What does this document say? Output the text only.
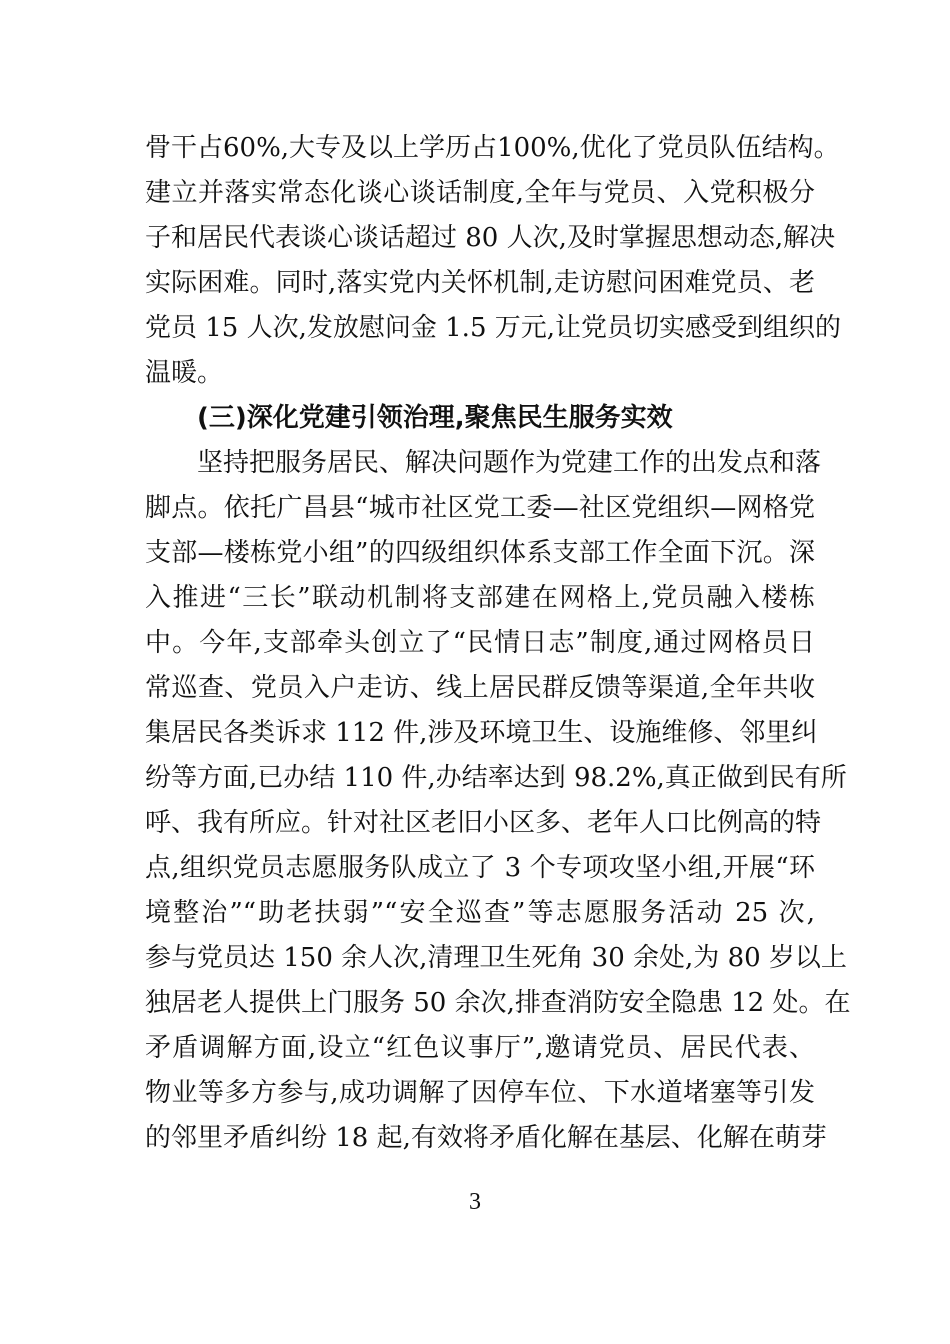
骨干占60%,大专及以上学历占100%,优化了党员队伍结构。
建立并落实常态化谈心谈话制度,全年与党员、入党积极分
子和居民代表谈心谈话超过 80 人次,及时掌握思想动态,解决
实际困难。同时,落实党内关怀机制,走访慰问困难党员、老
党员 15 人次,发放慰问金 1.5 万元,让党员切实感受到组织的
温暖。
(三)深化党建引领治理,聚焦民生服务实效
坚持把服务居民、解决问题作为党建工作的出发点和落
脚点。依托广昌县“城市社区党工委—社区党组织—网格党
支部—楼栋党小组”的四级组织体系支部工作全面下沉。深
入推进“三长”联动机制将支部建在网格上,党员融入楼栋
中。今年,支部牵头创立了“民情日志”制度,通过网格员日
常巡查、党员入户走访、线上居民群反馈等渠道,全年共收
集居民各类诉求 112 件,涉及环境卫生、设施维修、邻里纠
纷等方面,已办结 110 件,办结率达到 98.2%,真正做到民有所
呼、我有所应。针对社区老旧小区多、老年人口比例高的特
点,组织党员志愿服务队成立了 3 个专项攻坚小组,开展“环
境整治”“助老扶弱”“安全巡查”等志愿服务活动 25 次,
参与党员达 150 余人次,清理卫生死角 30 余处,为 80 岁以上
独居老人提供上门服务 50 余次,排查消防安全隐患 12 处。在
矛盾调解方面,设立“红色议事厅”,邀请党员、居民代表、
物业等多方参与,成功调解了因停车位、下水道堵塞等引发
的邻里矛盾纠纷 18 起,有效将矛盾化解在基层、化解在萌芽
3
